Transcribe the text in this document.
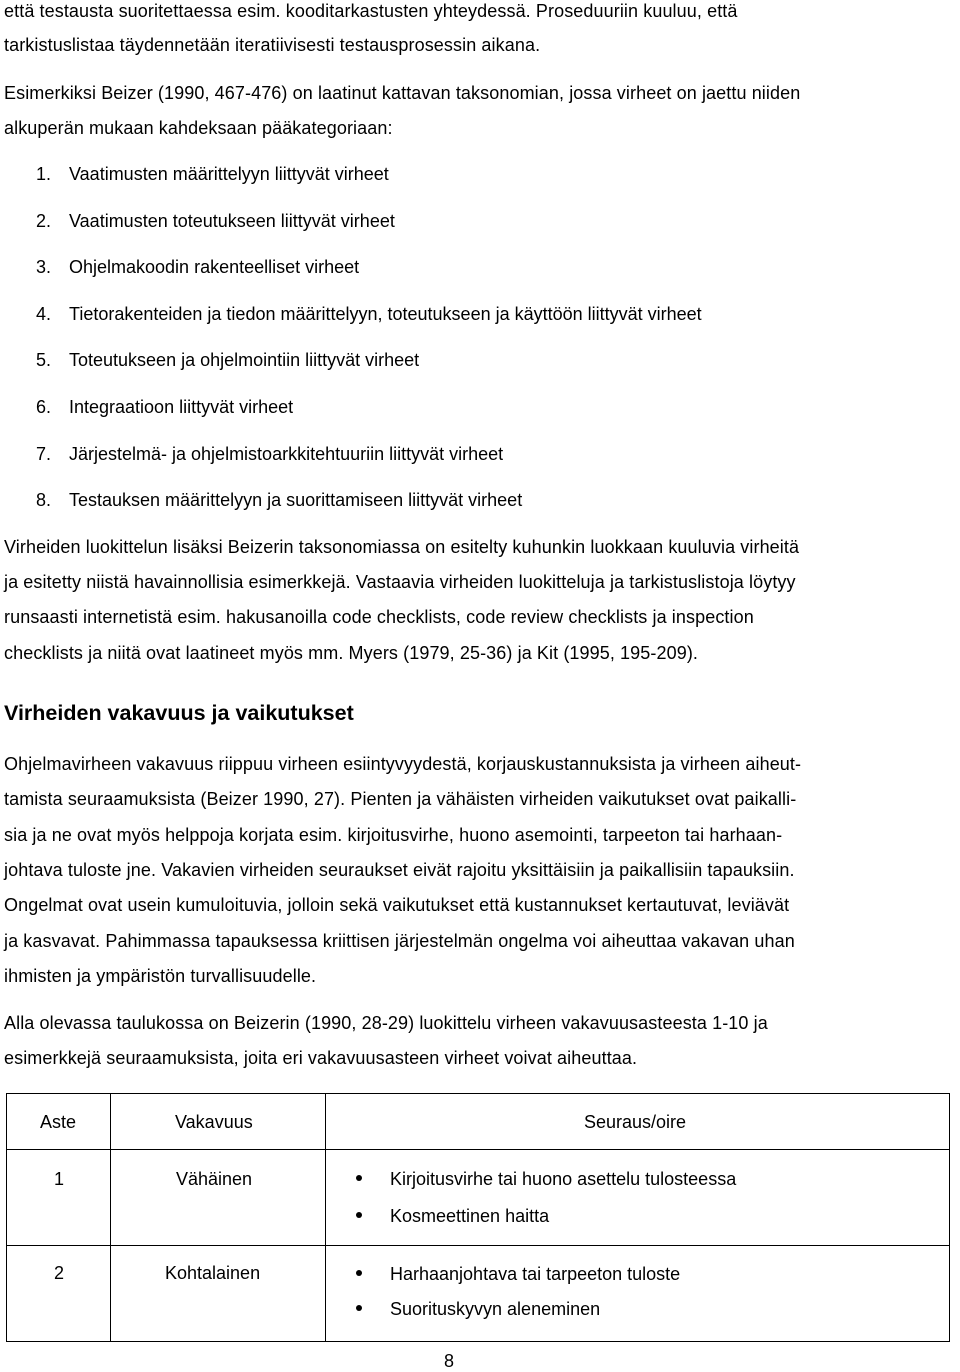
että testausta suoritettaessa esim. kooditarkastusten yhteydessä. Proseduuriin kuuluu, että
tarkistuslistaa täydennetään iteratiivisesti testausprosessin aikana.
Esimerkiksi Beizer (1990, 467-476) on laatinut kattavan taksonomian, jossa virheet on jaettu niiden
alkuperän mukaan kahdeksaan pääkategoriaan:
1. Vaatimusten määrittelyyn liittyvät virheet
2. Vaatimusten toteutukseen liittyvät virheet
3. Ohjelmakoodin rakenteelliset virheet
4. Tietorakenteiden ja tiedon määrittelyyn, toteutukseen ja käyttöön liittyvät virheet
5. Toteutukseen ja ohjelmointiin liittyvät virheet
6. Integraatioon liittyvät virheet
7. Järjestelmä- ja ohjelmistoarkkitehtuuriin liittyvät virheet
8. Testauksen määrittelyyn ja suorittamiseen liittyvät virheet
Virheiden luokittelun lisäksi Beizerin taksonomiassa on esitelty kuhunkin luokkaan kuuluvia virheitä
ja esitetty niistä havainnollisia esimerkkejä. Vastaavia virheiden luokitteluja ja tarkistuslistoja löytyy
runsaasti internetistä esim. hakusanoilla code checklists, code review checklists ja inspection
checklists ja niitä ovat laatineet myös mm. Myers (1979, 25-36) ja Kit (1995, 195-209).
Virheiden vakavuus ja vaikutukset
Ohjelmavirheen vakavuus riippuu virheen esiintyvyydestä, korjauskustannuksista ja virheen aiheut-
tamista seuraamuksista (Beizer 1990, 27). Pienten ja vähäisten virheiden vaikutukset ovat paikalli-
sia ja ne ovat myös helppoja korjata esim. kirjoitusvirhe, huono asemointi, tarpeeton tai harhaan-
johtava tuloste jne. Vakavien virheiden seuraukset eivät rajoitu yksittäisiin ja paikallisiin tapauksiin.
Ongelmat ovat usein kumuloituvia, jolloin sekä vaikutukset että kustannukset kertautuvat, leviävät
ja kasvavat. Pahimmassa tapauksessa kriittisen järjestelmän ongelma voi aiheuttaa vakavan uhan
ihmisten ja ympäristön turvallisuudelle.
Alla olevassa taulukossa on Beizerin (1990, 28-29) luokittelu virheen vakavuusasteesta 1-10 ja
esimerkkejä seuraamuksista, joita eri vakavuusasteen virheet voivat aiheuttaa.
Aste	Vakavuus	Seuraus/oire
1	Vähäinen	Kirjoitusvirhe tai huono asettelu tulosteessa
Kosmeettinen haitta
2	Kohtalainen	Harhaanjohtava tai tarpeeton tuloste
Suorituskyvyn aleneminen
8
